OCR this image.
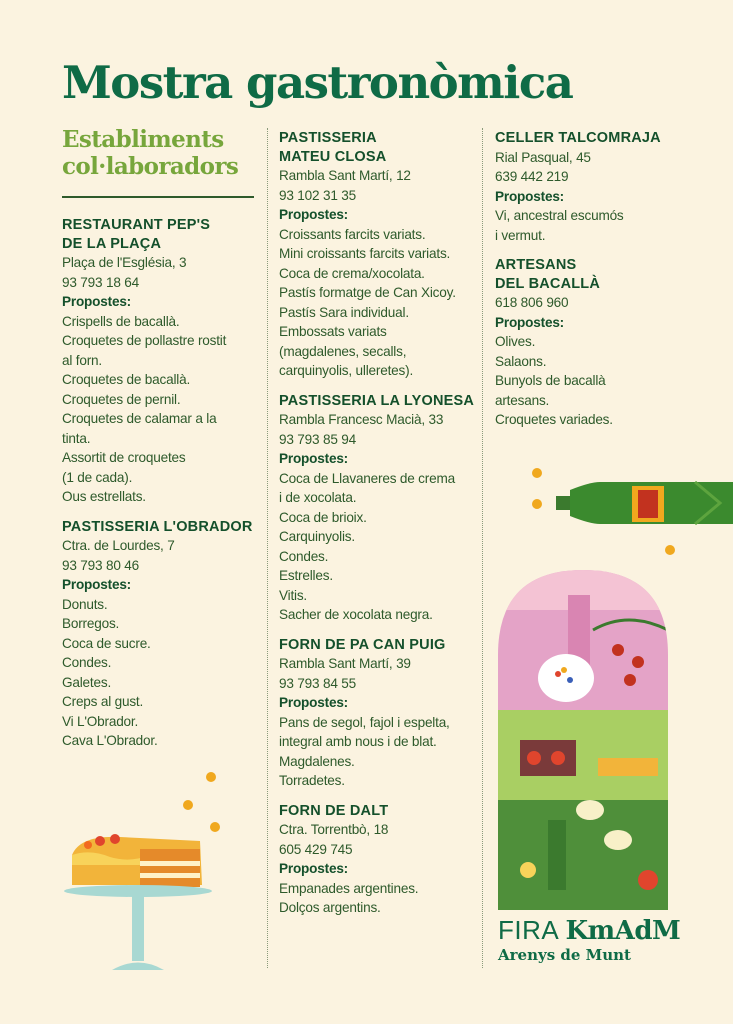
Mostra gastronòmica
Establiments col·laboradors
RESTAURANT PEP'S
DE LA PLAÇA
Plaça de l'Església, 3
93 793 18 64
Propostes:
Crispells de bacallà.
Croquetes de pollastre rostit
al forn.
Croquetes de bacallà.
Croquetes de pernil.
Croquetes de calamar a la
tinta.
Assortit de croquetes
(1 de cada).
Ous estrellats.
PASTISSERIA L'OBRADOR
Ctra. de Lourdes, 7
93 793 80 46
Propostes:
Donuts.
Borregos.
Coca de sucre.
Condes.
Galetes.
Creps al gust.
Vi L'Obrador.
Cava L'Obrador.
PASTISSERIA
MATEU CLOSA
Rambla Sant Martí, 12
93 102 31 35
Propostes:
Croissants farcits variats.
Mini croissants farcits variats.
Coca de crema/xocolata.
Pastís formatge de Can Xicoy.
Pastís Sara individual.
Embossats variats
(magdalenes, secalls,
carquinyolis, ulleretes).
PASTISSERIA LA LYONESA
Rambla Francesc Macià, 33
93 793 85 94
Propostes:
Coca de Llavaneres de crema
i de xocolata.
Coca de brioix.
Carquinyolis.
Condes.
Estrelles.
Vitis.
Sacher de xocolata negra.
FORN DE PA CAN PUIG
Rambla Sant Martí, 39
93 793 84 55
Propostes:
Pans de segol, fajol i espelta,
integral amb nous i de blat.
Magdalenes.
Torradetes.
FORN DE DALT
Ctra. Torrentbò, 18
605 429 745
Propostes:
Empanades argentines.
Dolços argentins.
CELLER TALCOMRAJA
Rial Pasqual, 45
639 442 219
Propostes:
Vi, ancestral escumós
i vermut.
ARTESANS
DEL BACALLÀ
618 806 960
Propostes:
Olives.
Salaons.
Bunyols de bacallà
artesans.
Croquetes variades.
FIRA KmAdM
Arenys de Munt
